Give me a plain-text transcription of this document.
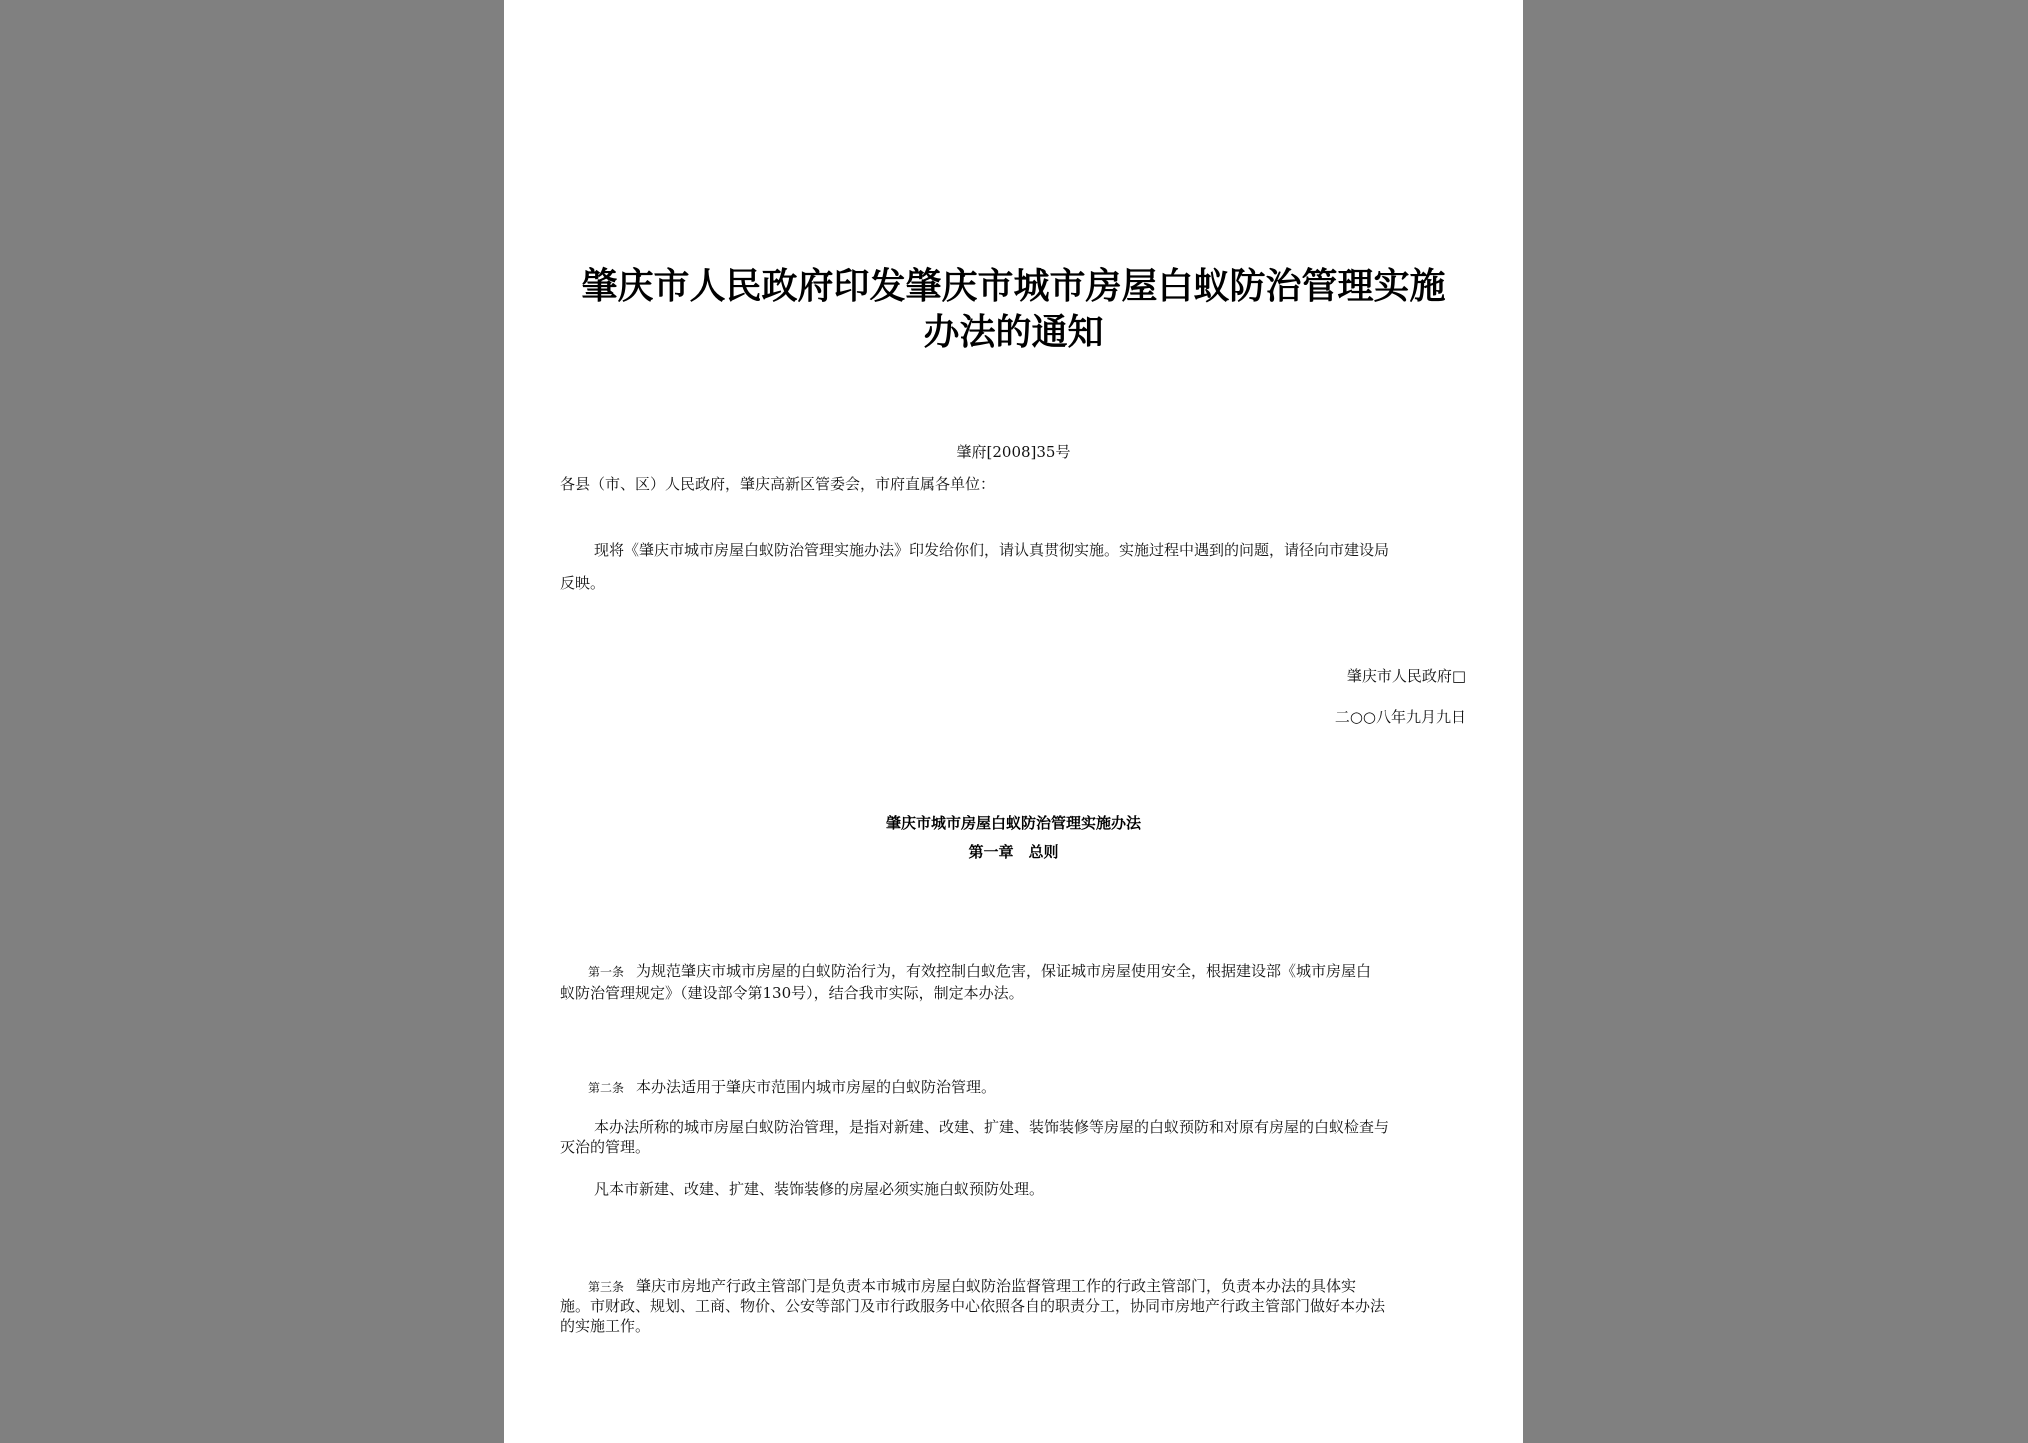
肇庆市人民政府印发肇庆市城市房屋白蚁防治管理实施
办法的通知
肇府[2008]35号
各县（市、区）人民政府，肇庆高新区管委会，市府直属各单位：
现将《肇庆市城市房屋白蚁防治管理实施办法》印发给你们，请认真贯彻实施。实施过程中遇到的问题，请径向市建设局
反映。
肇庆市人民政府□
二○○八年九月九日
肇庆市城市房屋白蚁防治管理实施办法
第一章　总则
第一条 为规范肇庆市城市房屋的白蚁防治行为，有效控制白蚁危害，保证城市房屋使用安全，根据建设部《城市房屋白
蚁防治管理规定》（建设部令第130号），结合我市实际，制定本办法。
第二条 本办法适用于肇庆市范围内城市房屋的白蚁防治管理。
本办法所称的城市房屋白蚁防治管理，是指对新建、改建、扩建、装饰装修等房屋的白蚁预防和对原有房屋的白蚁检查与
灭治的管理。
凡本市新建、改建、扩建、装饰装修的房屋必须实施白蚁预防处理。
第三条 肇庆市房地产行政主管部门是负责本市城市房屋白蚁防治监督管理工作的行政主管部门，负责本办法的具体实
施。市财政、规划、工商、物价、公安等部门及市行政服务中心依照各自的职责分工，协同市房地产行政主管部门做好本办法
的实施工作。
